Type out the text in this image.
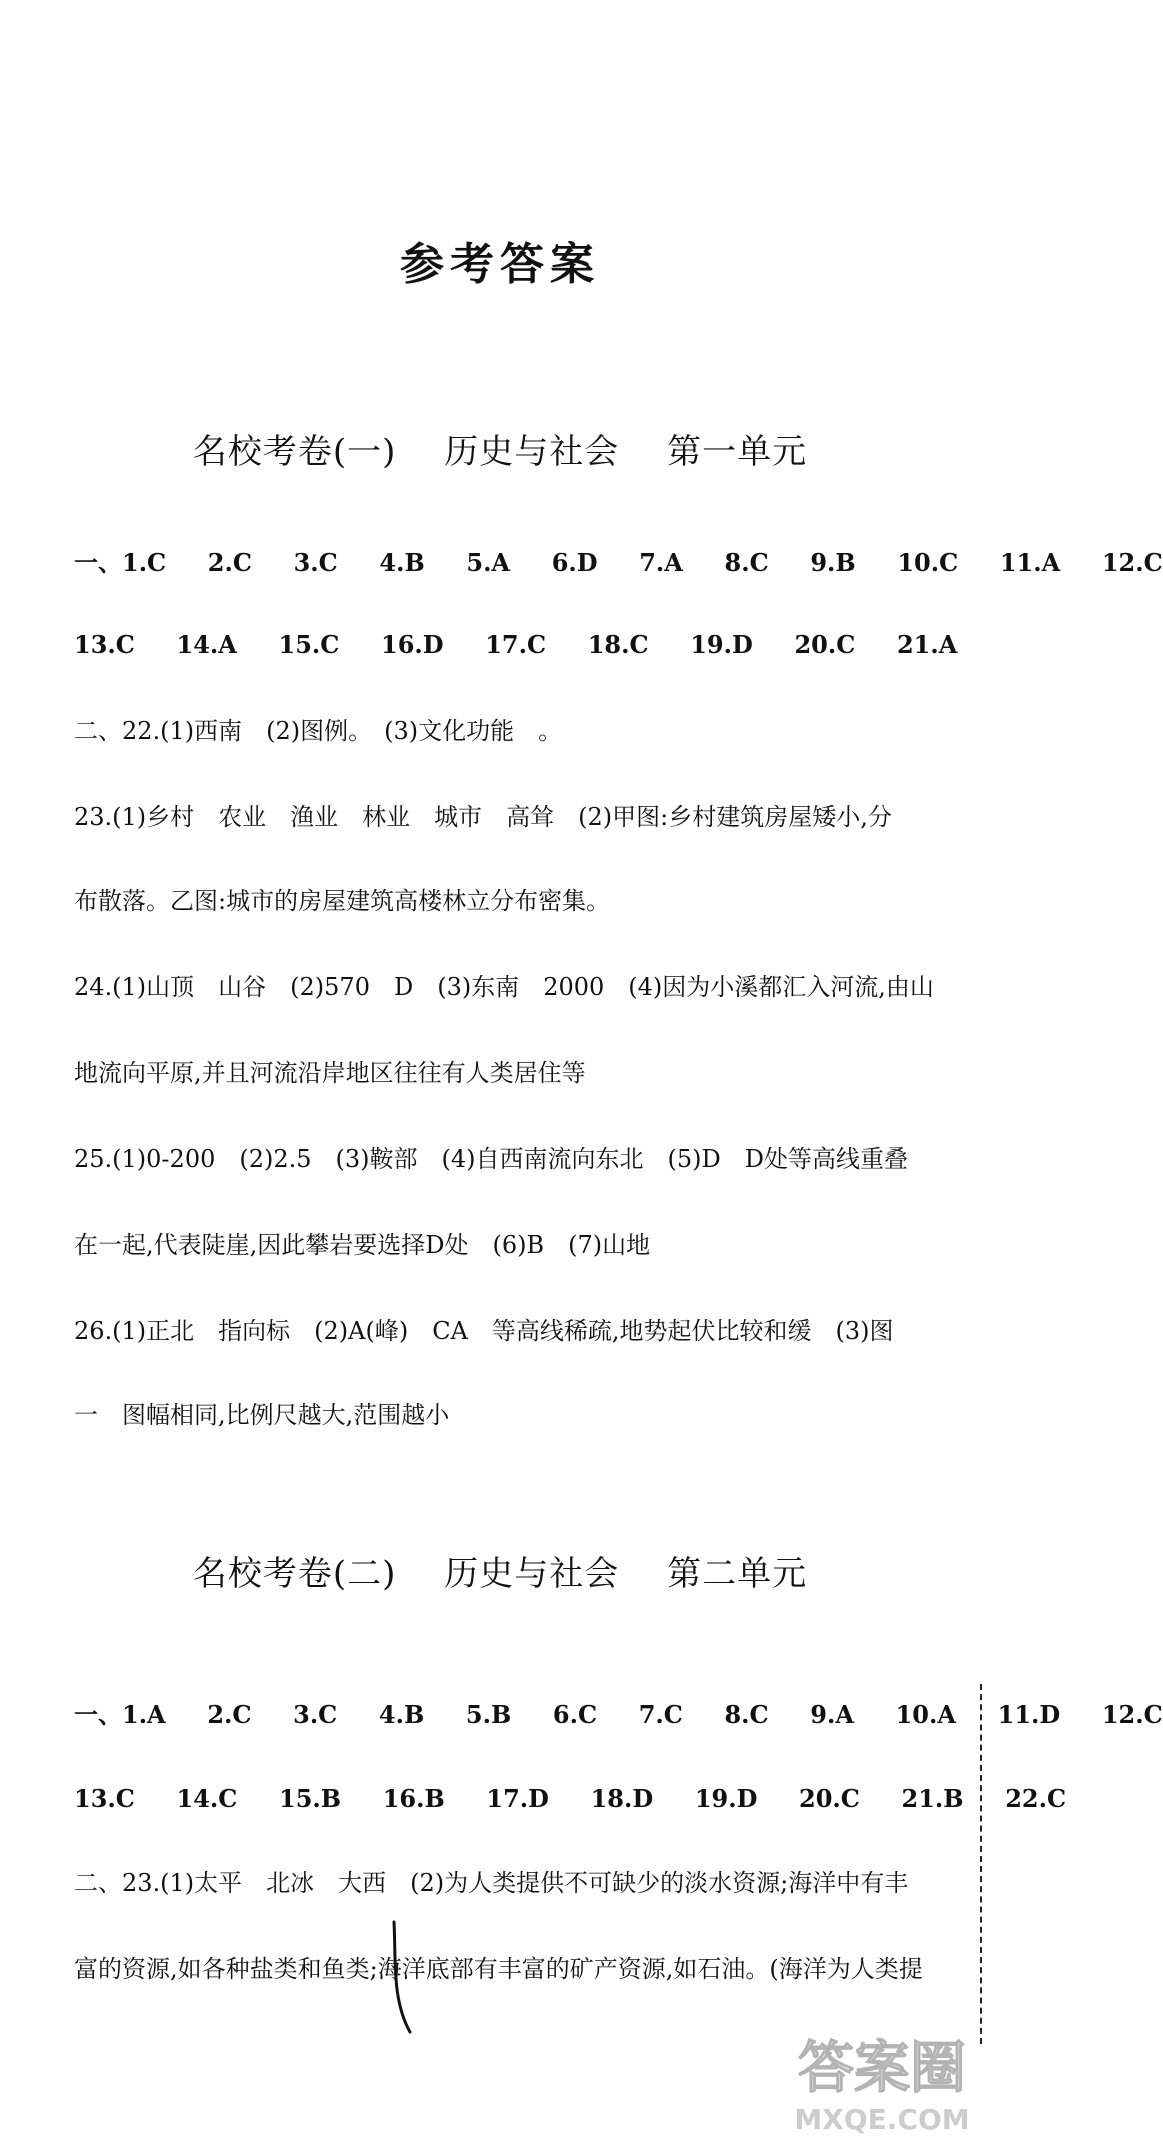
参考答案
名校考卷(一) 历史与社会 第一单元
一、1.C 2.C 3.C 4.B 5.A 6.D 7.A 8.C 9.B 10.C 11.A 12.C
13.C 14.A 15.C 16.D 17.C 18.C 19.D 20.C 21.A
二、22.(1)西南　(2)图例。　(3)文化功能　。
23.(1)乡村　农业　渔业　林业　城市　高耸　(2)甲图:乡村建筑房屋矮小,分
布散落。乙图:城市的房屋建筑高楼林立分布密集。
24.(1)山顶　山谷　(2)570　D　(3)东南　2000　(4)因为小溪都汇入河流,由山
地流向平原,并且河流沿岸地区往往有人类居住等
25.(1)0-200　(2)2.5　(3)鞍部　(4)自西南流向东北　(5)D　D处等高线重叠
在一起,代表陡崖,因此攀岩要选择D处　(6)B　(7)山地
26.(1)正北　指向标　(2)A(峰)　CA　等高线稀疏,地势起伏比较和缓　(3)图
一　图幅相同,比例尺越大,范围越小
名校考卷(二) 历史与社会 第二单元
一、1.A 2.C 3.C 4.B 5.B 6.C 7.C 8.C 9.A 10.A 11.D 12.C
13.C 14.C 15.B 16.B 17.D 18.D 19.D 20.C 21.B 22.C
二、23.(1)太平　北冰　大西　(2)为人类提供不可缺少的淡水资源;海洋中有丰
富的资源,如各种盐类和鱼类;海洋底部有丰富的矿产资源,如石油。(海洋为人类提
答案圈
MXQE.COM
